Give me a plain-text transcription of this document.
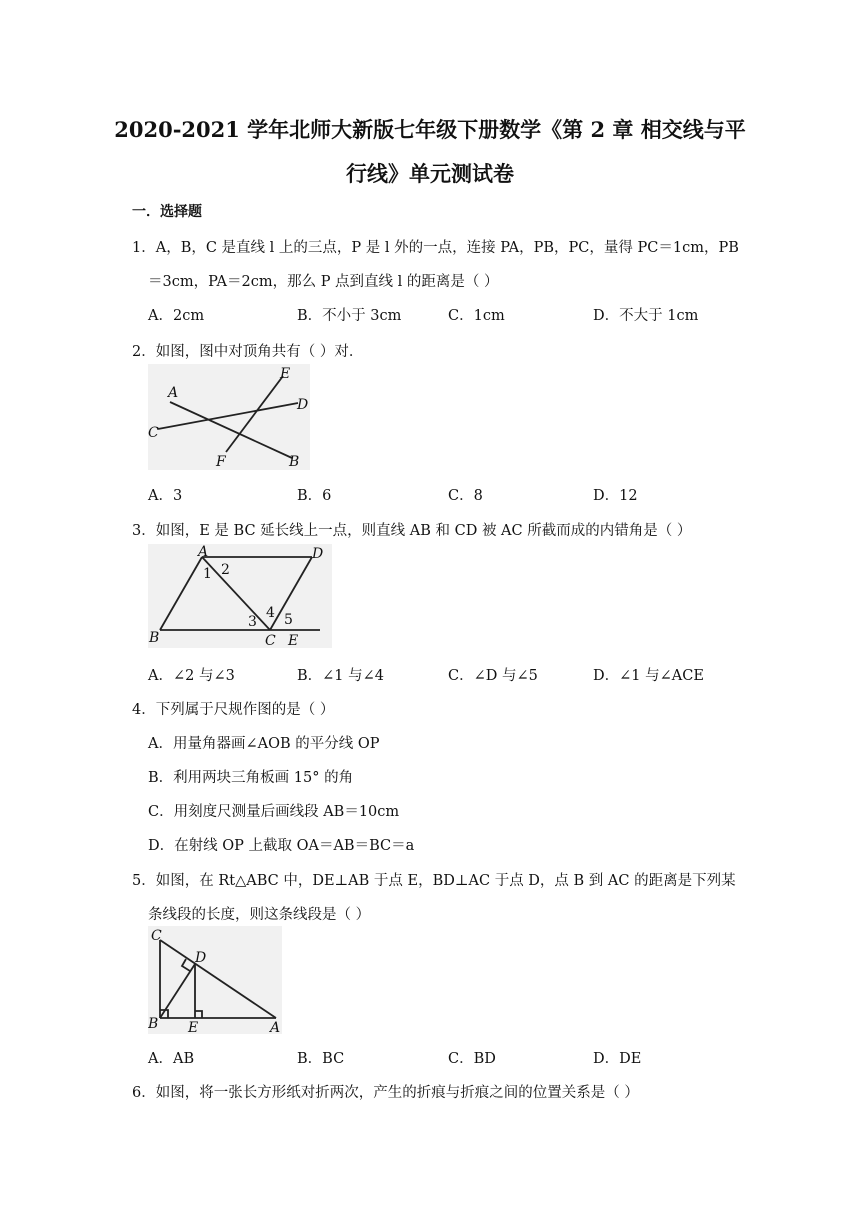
2020-2021 学年北师大新版七年级下册数学《第 2 章 相交线与平
行线》单元测试卷
一．选择题
1．A，B，C 是直线 l 上的三点，P 是 l 外的一点，连接 PA，PB，PC，量得 PC＝1cm，PB
＝3cm，PA＝2cm，那么 P 点到直线 l 的距离是（ ）
A．2cm	B．不小于 3cm	C．1cm	D．不大于 1cm
2．如图，图中对顶角共有（ ）对．
A
E
D
C
F	B
A．3	B．6	C．8	D．12
3．如图，E 是 BC 延长线上一点，则直线 AB 和 CD 被 AC 所截而成的内错角是（ ）
A	D
1 2
3
4 5
B	C E
A．∠2 与∠3	B．∠1 与∠4	C．∠D 与∠5	D．∠1 与∠ACE
4．下列属于尺规作图的是（ ）
A．用量角器画∠AOB 的平分线 OP
B．利用两块三角板画 15° 的角
C．用刻度尺测量后画线段 AB＝10cm
D．在射线 OP 上截取 OA＝AB＝BC＝a
5．如图，在 Rt△ABC 中，DE⊥AB 于点 E，BD⊥AC 于点 D，点 B 到 AC 的距离是下列某
条线段的长度，则这条线段是（ ）
C
D
B E	A
A．AB	B．BC	C．BD	D．DE
6．如图，将一张长方形纸对折两次，产生的折痕与折痕之间的位置关系是（ ）
